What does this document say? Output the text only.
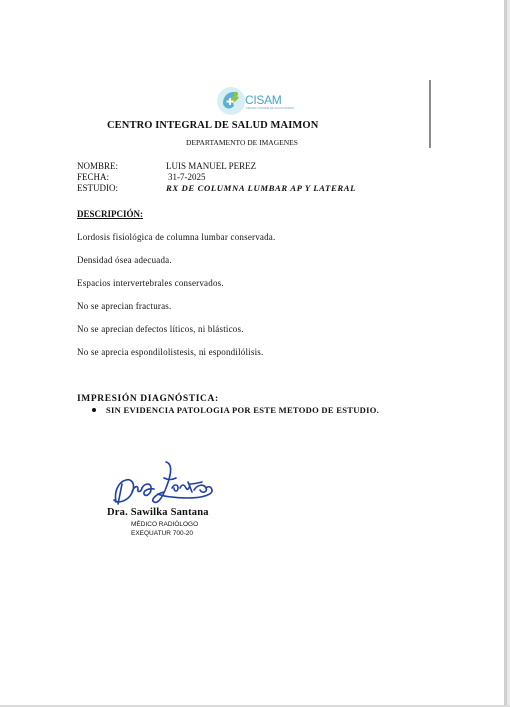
CISAM
CENTRO INTEGRAL DE SALUD MAIMON
CENTRO INTEGRAL DE SALUD MAIMON
DEPARTAMENTO DE IMAGENES
NOMBRE:	LUIS MANUEL PEREZ
FECHA:	31-7-2025
ESTUDIO:	RX DE COLUMNA LUMBAR AP Y LATERAL
DESCRIPCIÓN:
Lordosis fisiológica de columna lumbar conservada.
Densidad ósea adecuada.
Espacios intervertebrales conservados.
No se aprecian fracturas.
No se aprecian defectos líticos, ni blásticos.
No se aprecia espondilolistesis, ni espondilólisis.
IMPRESIÓN DIAGNÓSTICA:
SIN EVIDENCIA PATOLOGIA POR ESTE METODO DE ESTUDIO.
Dra. Sawilka Santana
MÉDICO RADIÓLOGO
EXEQUATUR 700-20
